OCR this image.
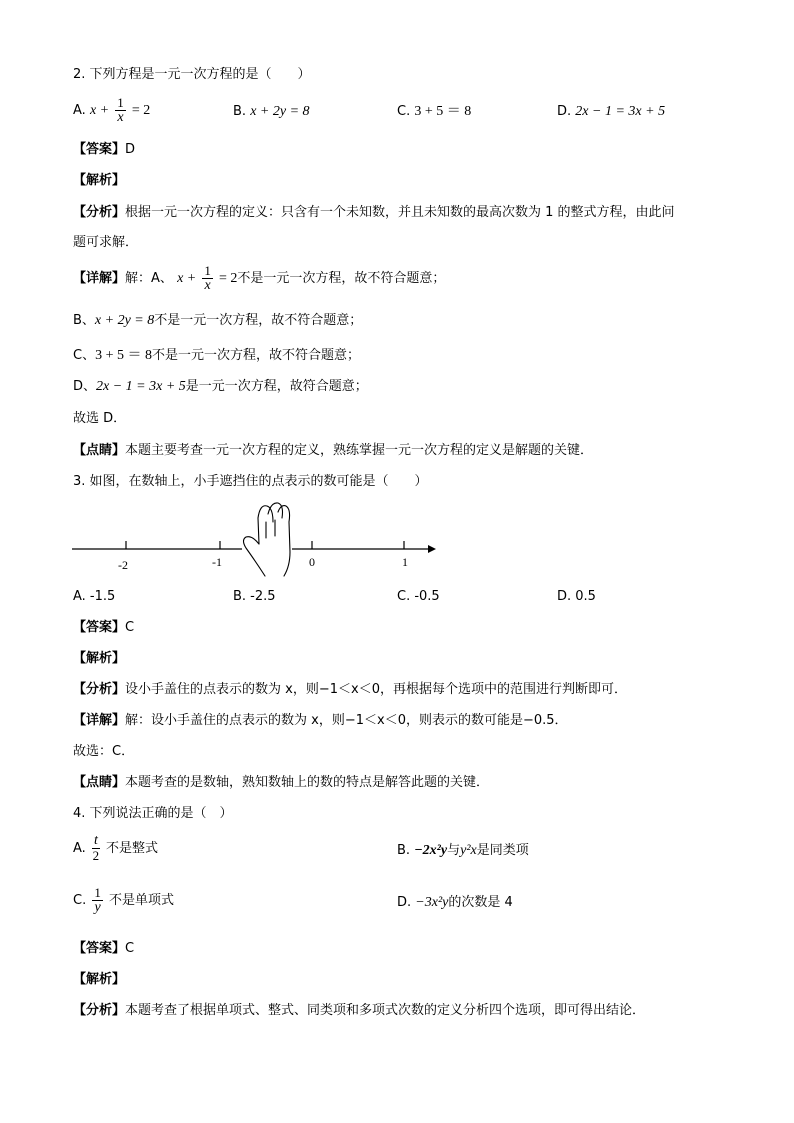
2. 下列方程是一元一次方程的是（　　）
A. $x + \frac{1}{x} = 2$	B. x + 2y = 8	C. 3 + 5 ＝ 8	D. 2x − 1 = 3x + 5
【答案】D
【解析】
【分析】根据一元一次方程的定义：只含有一个未知数，并且未知数的最高次数为 1 的整式方程，由此问
题可求解．
【详解】解：A、 $x + \frac{1}{x} = 2$不是一元一次方程，故不符合题意；
B、x + 2y = 8不是一元一次方程，故不符合题意；
C、3 + 5 ＝ 8不是一元一次方程，故不符合题意；
D、2x − 1 = 3x + 5是一元一次方程，故符合题意；
故选 D．
【点睛】本题主要考查一元一次方程的定义，熟练掌握一元一次方程的定义是解题的关键．
3. 如图，在数轴上，小手遮挡住的点表示的数可能是（　　）
-2	-1	0	1
A. -1.5	B. -2.5	C. -0.5	D. 0.5
【答案】C
【解析】
【分析】设小手盖住的点表示的数为 x，则−1＜x＜0，再根据每个选项中的范围进行判断即可．
【详解】解：设小手盖住的点表示的数为 x，则−1＜x＜0，则表示的数可能是−0.5．
故选：C．
【点睛】本题考查的是数轴，熟知数轴上的数的特点是解答此题的关键．
4. 下列说法正确的是（　）
A. $\frac{t}{2}$ 不是整式	B. −2x²y与y²x是同类项
C. $\frac{1}{y}$ 不是单项式	D. −3x²y的次数是 4
【答案】C
【解析】
【分析】本题考查了根据单项式、整式、同类项和多项式次数的定义分析四个选项，即可得出结论．
